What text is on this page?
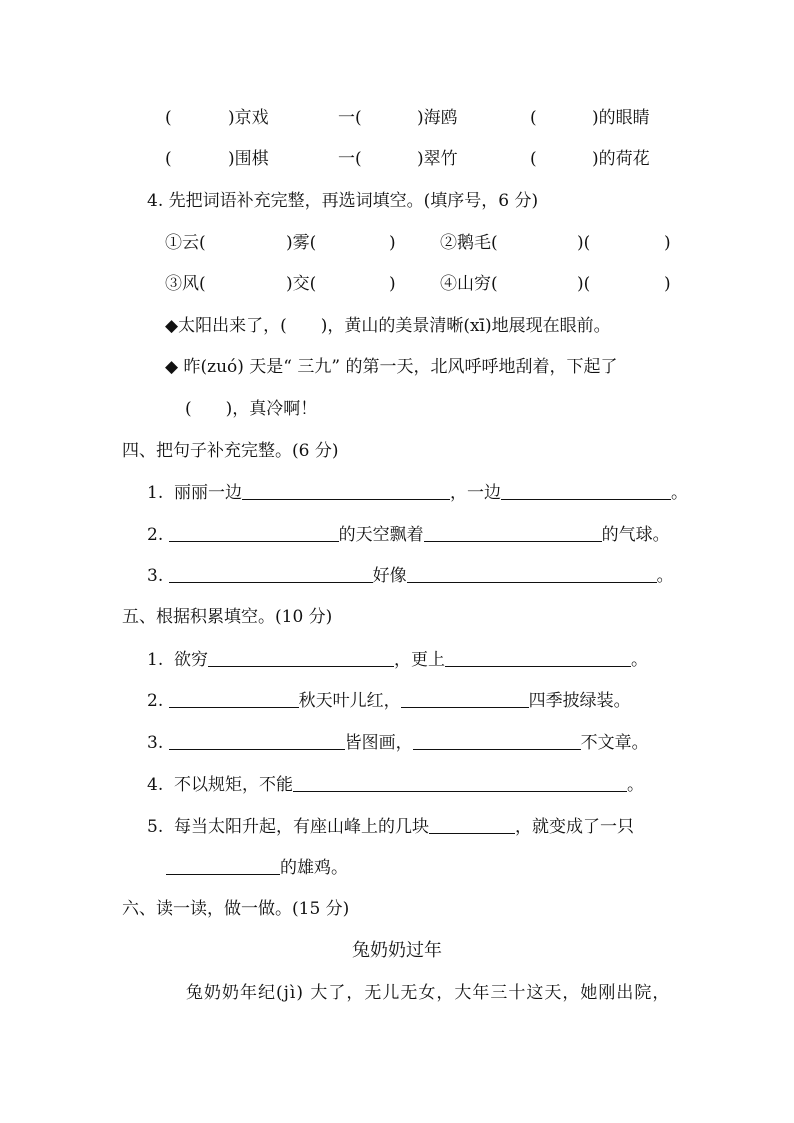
(	)京戏	一(	)海鸥	(	)的眼睛
(	)围棋	一(	)翠竹	(	)的荷花
4. 先把词语补充完整，再选词填空。(填序号，6 分)
①云(	)雾(	)	②鹅毛(	)(	)
③风(	)交(	)	④山穷(	)(	)
◆太阳出来了，(　　)，黄山的美景清晰(xī)地展现在眼前。
◆ 昨(zuó) 天是“ 三九” 的第一天，北风呼呼地刮着，下起了
(　　)，真冷啊！
四、把句子补充完整。(6 分)
1.  丽丽一边	，一边	。
2.	的天空飘着	的气球。
3.	好像	。
五、根据积累填空。(10 分)
1.  欲穷	，更上	。
2.	秋天叶儿红，	四季披绿装。
3.	皆图画，	不文章。
4.  不以规矩，不能	。
5.  每当太阳升起，有座山峰上的几块	，就变成了一只
的雄鸡。
六、读一读，做一做。(15 分)
兔奶奶过年
兔奶奶年纪(jì) 大了，无儿无女，大年三十这天，她刚出院，
